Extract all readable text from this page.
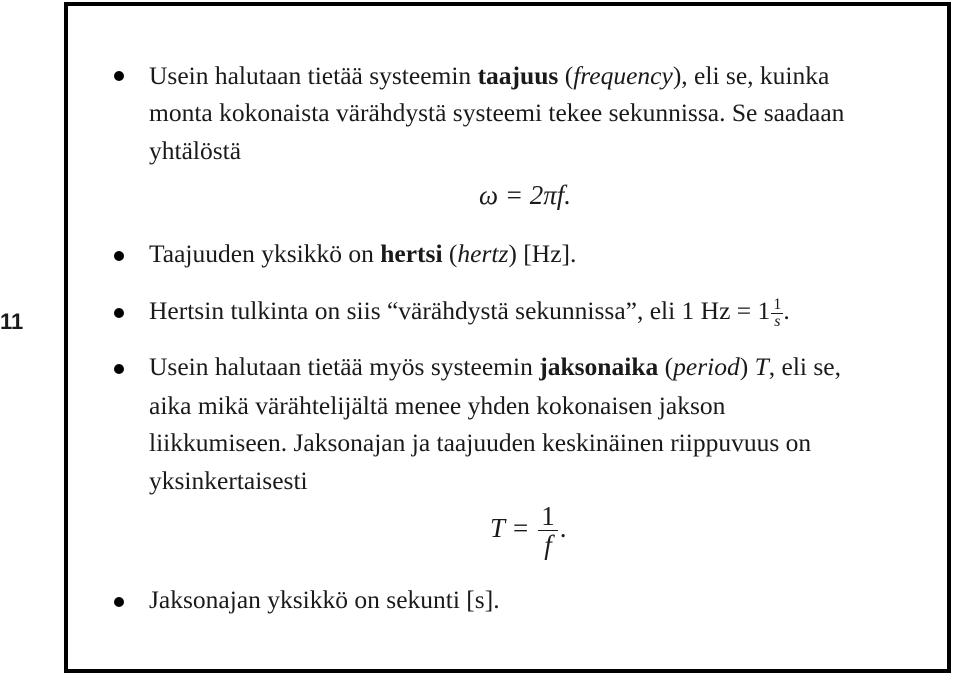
11
Usein halutaan tietää systeemin taajuus (frequency), eli se, kuinka
monta kokonaista värähdystä systeemi tekee sekunnissa. Se saadaan
yhtälöstä
ω = 2πf.
Taajuuden yksikkö on hertsi (hertz) [Hz].
Hertsin tulkinta on siis “värähdystä sekunnissa”, eli 1 $Hz = 1 \frac{1}{s}$ .
Usein halutaan tietää myös systeemin jaksonaika (period) T, eli se,
aika mikä värähtelijältä menee yhden kokonaisen jakson
liikkumiseen. Jaksonajan ja taajuuden keskinäinen riippuvuus on
yksinkertaisesti
$T = \frac{1}{f}$ .
Jaksonajan yksikkö on sekunti [s].
